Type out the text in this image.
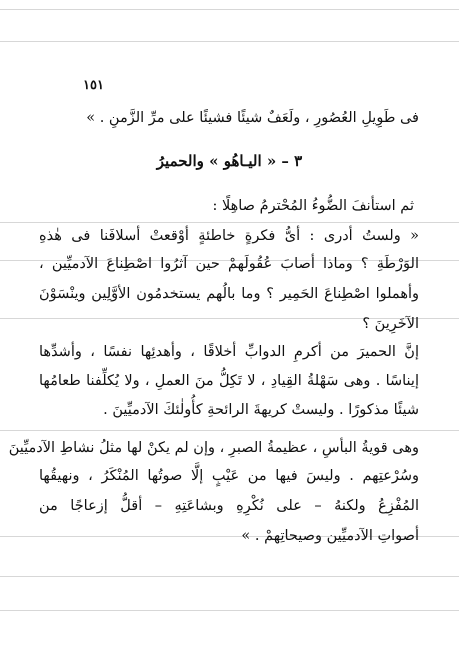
١٥١
فى طَوِيلِ العُصُورِ ، ولَعَفٌ شيئًا فشيئًا على مرِّ الزَّمنِ . »
٣ – « اليـاهُو » والحميرُ
ثم استأنفَ الضُّوءُ المُحْترمُ صاهِلًا :
« ولستُ أدرى : أىُّ فكرةٍ خاطئةٍ أوْقعتْ أسلافَنا فى هٰذهِ
الوَرْطَةِ ؟ وماذا أصابَ عُقُولَهمْ حين آثرُوا اصْطِناعَ الآدميِّين ،
وأهملوا اصْطِناعَ الحَمِير ؟ وما بالُهم يستخدمُون الأوَّلِين وينْسَوْنَ
الآخَرِينَ ؟
إنَّ الحميرَ من أكرمِ الدوابِّ أخلاقًا ، وأهدئِها نفسًا ، وأشدِّها
إيناسًا . وهى سَهْلةُ القِيادِ ، لا تَكِلُّ منَ العملِ ، ولا يُكلِّفنا طعامُها
شيئًا مذكورًا . وليستْ كريهةَ الرائحةِ كأُولٰئكَ الآدميِّينَ .
وهى قويةُ البأسِ ، عظيمةُ الصبرِ ، وإن لم يكنْ لها مثلُ نشاطِ الآدميِّينَ
وسُرْعتِهم . وليسَ فيها من عَيْبٍ إلَّا صوتُها المُنْكَرُ ، ونهيقُها
المُفْزِعُ ولكنهُ – على نُكْرِهِ وبشاعَتِهِ – أقلُّ إزعاجًا من
أصواتِ الآدميِّين وصيحاتِهمْ . »
